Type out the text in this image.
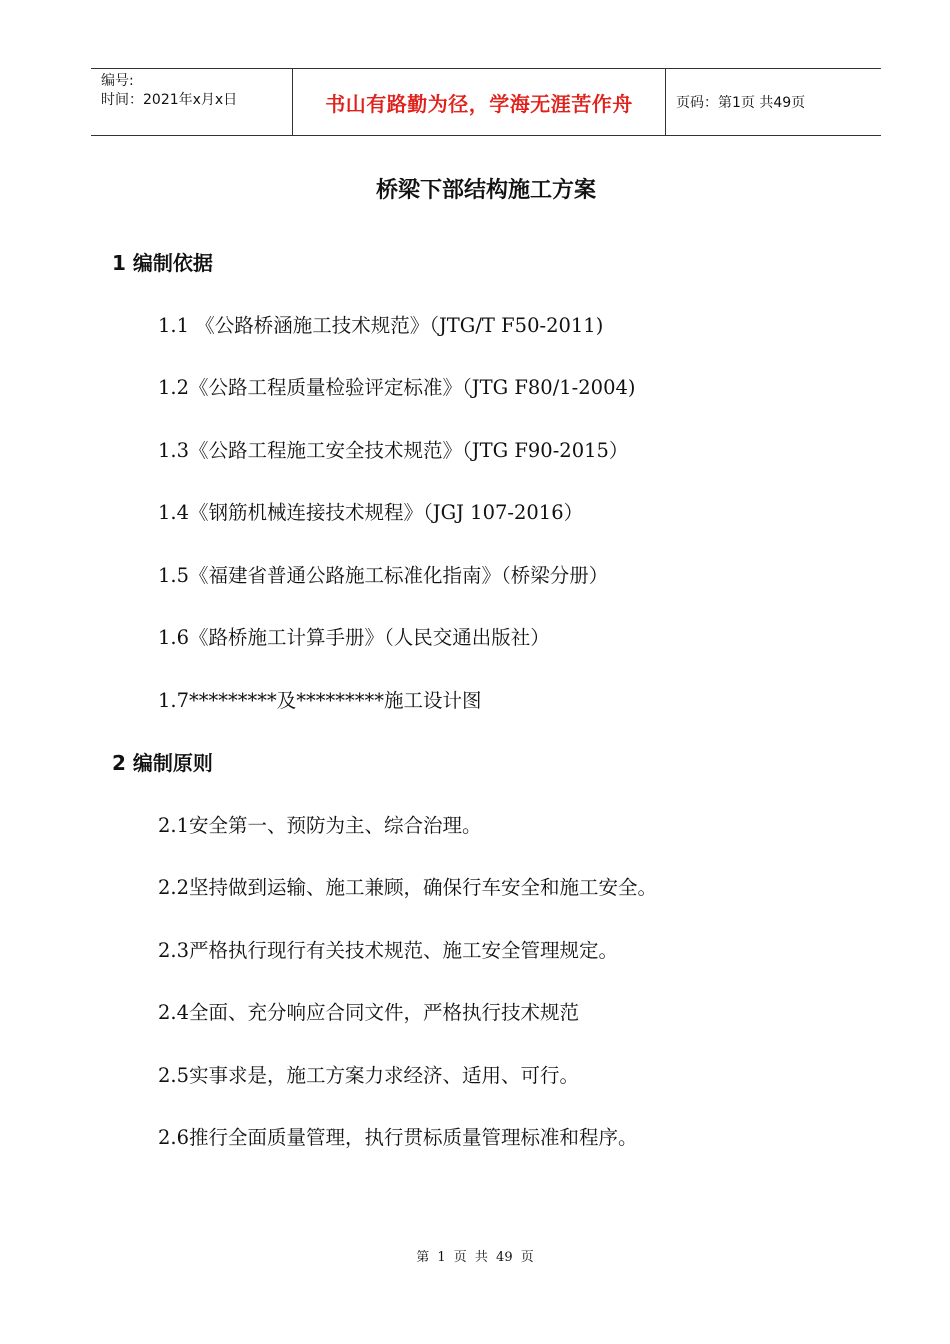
编号:
时间：2021年x月x日	书山有路勤为径，学海无涯苦作舟	页码：第1页 共49页
桥梁下部结构施工方案
1 编制依据
1.1 《公路桥涵施工技术规范》（JTG/T F50-2011)
1.2《公路工程质量检验评定标准》（JTG F80/1-2004)
1.3《公路工程施工安全技术规范》（JTG F90-2015）
1.4《钢筋机械连接技术规程》（JGJ 107-2016）
1.5《福建省普通公路施工标准化指南》（桥梁分册）
1.6《路桥施工计算手册》（人民交通出版社）
1.7*********及*********施工设计图
2 编制原则
2.1安全第一、预防为主、综合治理。
2.2坚持做到运输、施工兼顾，确保行车安全和施工安全。
2.3严格执行现行有关技术规范、施工安全管理规定。
2.4全面、充分响应合同文件，严格执行技术规范
2.5实事求是，施工方案力求经济、适用、可行。
2.6推行全面质量管理，执行贯标质量管理标准和程序。
第 1 页 共 49 页
